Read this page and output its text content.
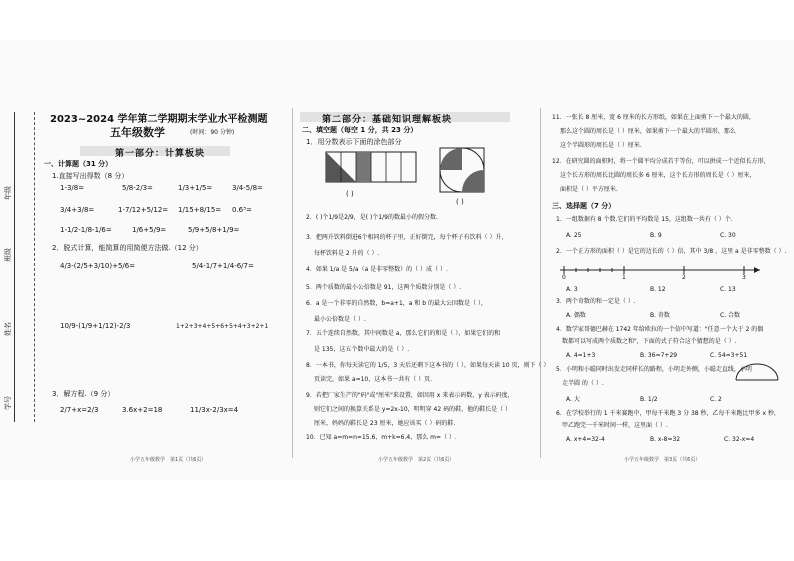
年级
班级
姓名
学号
2023~2024 学年第二学期期末学业水平检测题
五年级数学	(时间：90 分钟)
第一部分：计算板块
一、计算题（31 分）
1.直接写出得数（8 分）
1-3/8=	5/8-2/3=	1/3+1/5=	3/4-5/8=
3/4+3/8=	1-7/12+5/12= 1/15+8/15= 0.6³=
1-1/2-1/8-1/6=	1/6+5/9=	5/9+5/8+1/9=
2．脱式计算，能简算的用简便方法做.（12 分）
4/3-(2/5+3/10)+5/6=	5/4-1/7+1/4-6/7=
10/9-(1/9+1/12)-2/3	1+2+3+4+5+6+5+4+3+2+1
3．解方程.（9 分）
2/7+x=2/3	3.6x+2=18	11/3x-2/3x=4
小学五年级数学　第1页（共6页）
第二部分：基础知识理解板块
二、填空题（每空 1 分，共 23 分）
1．用分数表示下面的涂色部分
( )
( )
2．( )个1/9是2/9，是( )个1/9的数最小的假分数.
3．把两升饮料倒进6个相同的杯子里，正好倒完，每个杯子有饮料（ ）升，
每杯饮料是 2 升的（ ）.
4．如果 1/a 是 5/a（a 是非零整数）的（ ）成（ ）.
5．两个质数的最小公倍数是 91，这两个质数分别是（ ）.
6．a 是一个非零的自然数，b=a+1，a 和 b 的最大公因数是（ ），
最小公倍数是（ ）.
7．五个连续自然数，其中间数是 a，那么它们的和是（ ），如果它们的和
是 135，这五个数中最大的是（ ）.
8．一本书，你每天读它的 1/5，3 天后还剩下这本书的（ ），如果每天读 10 页，则下（ ）
页读完，如果 a=10，这本书一共有（ ）页.
9．若把厂家生产的"码"或"厘米"来设置，如因用 x 来表示码数，y 表示码度，
则它们之间的换算关系是 y=2x-10，明明穿 42 码的鞋，他的鞋长是（ ）
厘米，妈妈的鞋长是 23 厘米，她应该买（ ）码的鞋.
10．已知 a=m=n=15.6，m+k=6.4，那么 m=（ ）.
小学五年级数学　第2页（共6页）
11．一张长 8 厘米，宽 6 厘米的长方形纸，如果在上面剪下一个最大的圆，
那么这个圆的周长是（ ）厘米，如果剪下一个最大的半圆形，那么
这个半圆形的周长是（ ）厘米.
12．在研究圆的面积时，将一个圆平均分成若干等份，可以拼成一个近似长方形，
这个长方形的周长比圆的周长多 6 厘米，这个长方形的周长是（ ）厘米，
面积是（ ）平方厘米.
三、选择题（7 分）
1．一组数据有 8 个数.它们的平均数是 15，这组数一共有（ ）个.
A. 25	B. 9	C. 30
2．一个正方形的面积（ ）是它的边长的（ ）倍，其中 3/8 ，这里 a 是非零整数（ ）.
0	1	2	3
A. 3	B. 12	C. 13
3．两个奇数的和一定是（ ）.
A. 偶数	B. 奇数	C. 合数
4．数学家哥德巴赫在 1742 年给欧拉的一个信中写道："任意一个大于 2 的偶
数都可以写成两个质数之和"，下面的式子符合这个猜想的是（ ）.
A. 4=1+3	B. 36=7+29	C. 54=3+51
5．小明和小聪同时出发走同样长的路程，小明走外侧，小聪走直线，小明
走半圆 的（ ）.
A. 大	B. 1/2	C. 2
6．在学校举行的 1 千米赛跑中，甲每千米跑 3 分 38 秒，乙每千米跑比甲多 x 秒，
甲乙跑完一千米时间一样，这里面（ ）.
A. x+4=32-4	B. x-8=32	C. 32-x=4
小学五年级数学　第3页（共6页）
